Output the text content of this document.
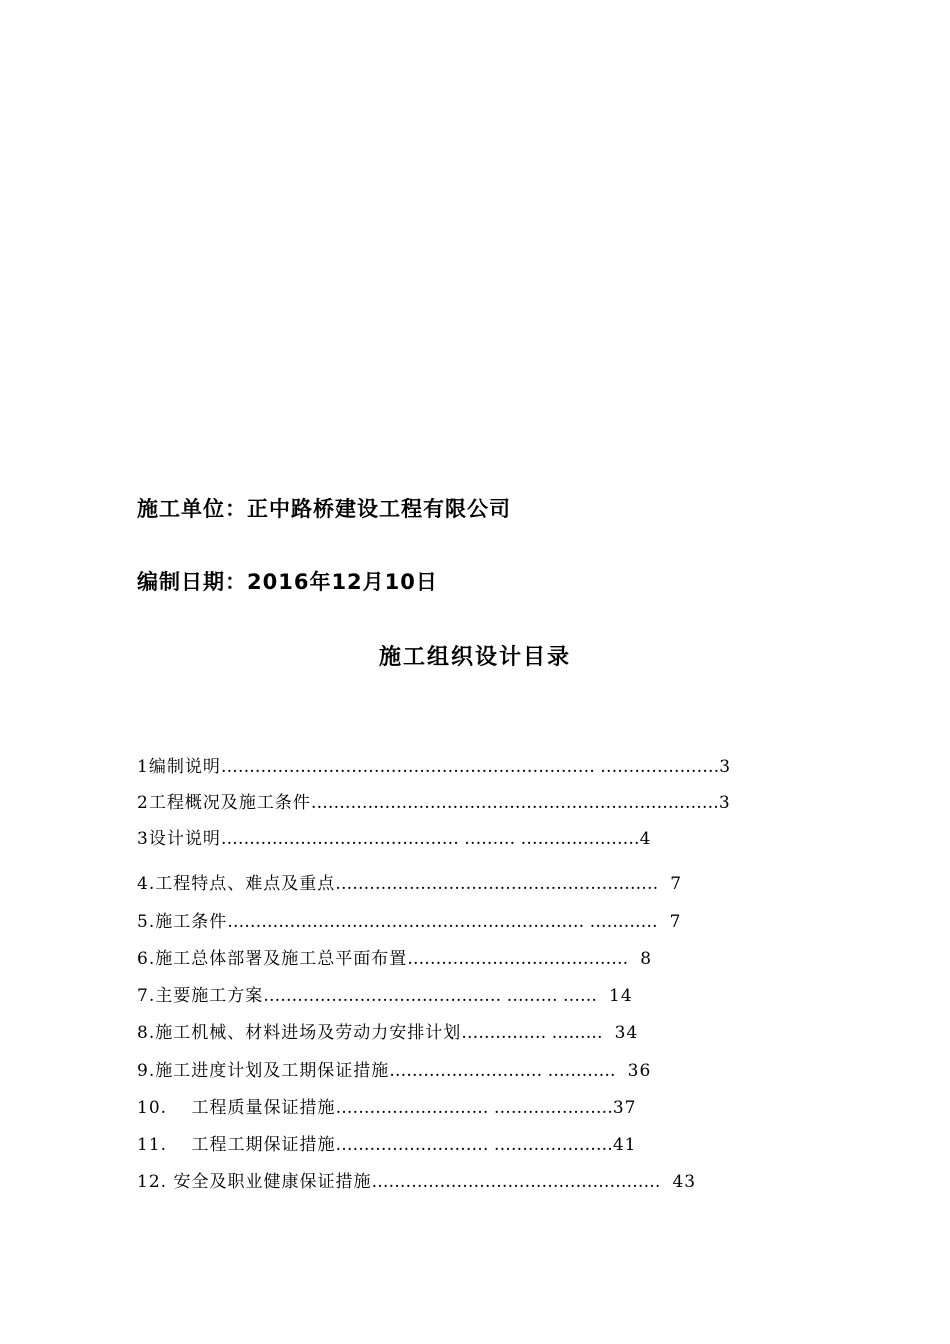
施工单位：正中路桥建设工程有限公司
编制日期：2016年12月10日
施工组织设计目录
1编制说明………………………………………………………… …………………3
2工程概况及施工条件………………………………………………………………3
3设计说明…………………………………… ……… …………………4
4.工程特点、难点及重点………………………………………………… 7
5.施工条件……………………………………………………… ………… 7
6.施工总体部署及施工总平面布置………………………………… 8
7.主要施工方案…………………………………… ……… …… 14
8.施工机械、材料进场及劳动力安排计划…………… ……… 34
9.施工进度计划及工期保证措施……………………… ………… 36
10.　 工程质量保证措施……………………… …………………37
11.　 工程工期保证措施……………………… …………………41
12. 安全及职业健康保证措施…………………………………………… 43
